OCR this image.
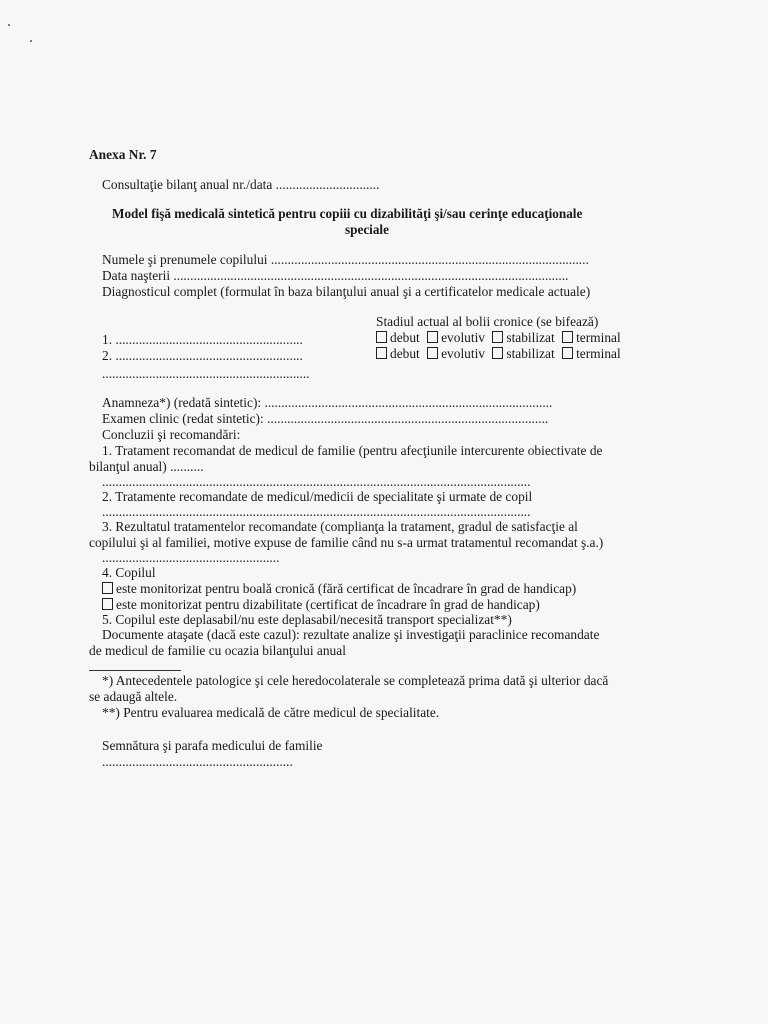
Anexa Nr. 7
Consultaţie bilanţ anual nr./data ...............................
Model fişă medicală sintetică pentru copiii cu dizabilităţi şi/sau cerinţe educaţionale
speciale
Numele şi prenumele copilului ...............................................................................................
Data naşterii ......................................................................................................................
Diagnosticul complet (formulat în baza bilanţului anual şi a certificatelor medicale actuale)
Stadiul actual al bolii cronice (se bifează)
1. ........................................................	debut evolutiv stabilizat terminal
2. ........................................................	debut evolutiv stabilizat terminal
..............................................................
Anamneza*) (redată sintetic): ......................................................................................
Examen clinic (redat sintetic): ....................................................................................
Concluzii şi recomandări:
1. Tratament recomandat de medicul de familie (pentru afecţiunile intercurente obiectivate de
bilanţul anual) ..........
................................................................................................................................
2. Tratamente recomandate de medicul/medicii de specialitate şi urmate de copil
................................................................................................................................
3. Rezultatul tratamentelor recomandate (complianţa la tratament, gradul de satisfacţie al
copilului şi al familiei, motive expuse de familie când nu s-a urmat tratamentul recomandat ş.a.)
.....................................................
4. Copilul
este monitorizat pentru boală cronică (fără certificat de încadrare în grad de handicap)
este monitorizat pentru dizabilitate (certificat de încadrare în grad de handicap)
5. Copilul este deplasabil/nu este deplasabil/necesită transport specializat**)
Documente ataşate (dacă este cazul): rezultate analize şi investigaţii paraclinice recomandate
de medicul de familie cu ocazia bilanţului anual
*) Antecedentele patologice şi cele heredocolaterale se completează prima dată şi ulterior dacă
se adaugă altele.
**) Pentru evaluarea medicală de către medicul de specialitate.
Semnătura şi parafa medicului de familie
.........................................................
